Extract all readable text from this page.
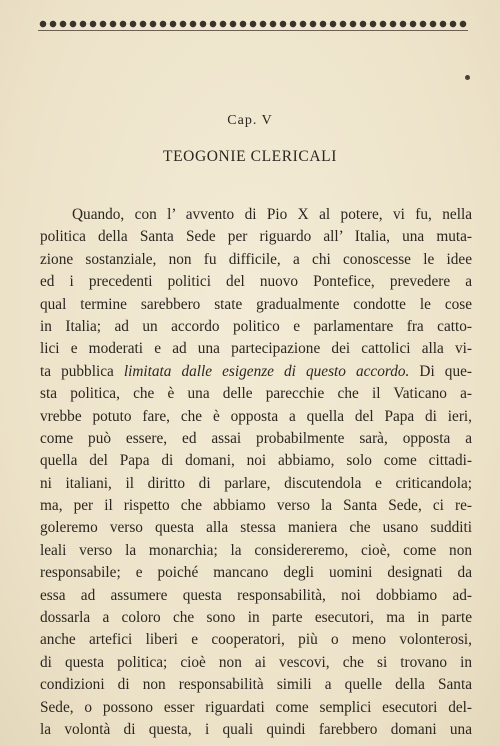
Cap. V
TEOGONIE CLERICALI
Quando, con l’ avvento di Pio X al potere, vi fu, nella
politica della Santa Sede per riguardo all’ Italia, una muta-
zione sostanziale, non fu difficile, a chi conoscesse le idee
ed i precedenti politici del nuovo Pontefice, prevedere a
qual termine sarebbero state gradualmente condotte le cose
in Italia; ad un accordo politico e parlamentare fra catto-
lici e moderati e ad una partecipazione dei cattolici alla vi-
ta pubblica limitata dalle esigenze di questo accordo. Di que-
sta politica, che è una delle parecchie che il Vaticano a-
vrebbe potuto fare, che è opposta a quella del Papa di ieri,
come può essere, ed assai probabilmente sarà, opposta a
quella del Papa di domani, noi abbiamo, solo come cittadi-
ni italiani, il diritto di parlare, discutendola e criticandola;
ma, per il rispetto che abbiamo verso la Santa Sede, ci re-
goleremo verso questa alla stessa maniera che usano sudditi
leali verso la monarchia; la considereremo, cioè, come non
responsabile; e poiché mancano degli uomini designati da
essa ad assumere questa responsabilità, noi dobbiamo ad-
dossarla a coloro che sono in parte esecutori, ma in parte
anche artefici liberi e cooperatori, più o meno volonterosi,
di questa politica; cioè non ai vescovi, che si trovano in
condizioni di non responsabilità simili a quelle della Santa
Sede, o possono esser riguardati come semplici esecutori del-
la volontà di questa, i quali quindi farebbero domani una
